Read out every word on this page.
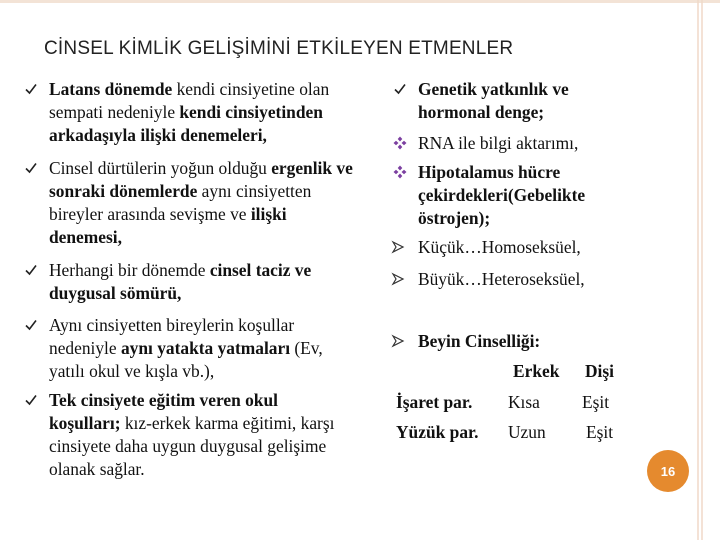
CİNSEL KİMLİK GELİŞİMİNİ ETKİLEYEN ETMENLER
Latans dönemde kendi cinsiyetine olan
sempati nedeniyle kendi cinsiyetinden
arkadaşıyla ilişki denemeleri,
Cinsel dürtülerin yoğun olduğu ergenlik ve
sonraki dönemlerde aynı cinsiyetten
bireyler arasında sevişme ve ilişki
denemesi,
Herhangi bir dönemde cinsel taciz ve
duygusal sömürü,
Aynı cinsiyetten bireylerin koşullar
nedeniyle aynı yatakta yatmaları (Ev,
yatılı okul ve kışla vb.),
Tek cinsiyete eğitim veren okul
koşulları; kız-erkek karma eğitimi, karşı
cinsiyete daha uygun duygusal gelişime
olanak sağlar.
Genetik yatkınlık ve
hormonal denge;
RNA ile bilgi aktarımı,
Hipotalamus hücre
çekirdekleri(Gebelikte
östrojen);
Küçük…Homoseksüel,
Büyük…Heteroseksüel,
Beyin Cinselliği:
Erkek Dişi
İşaret par. Kısa Eşit
Yüzük par. Uzun Eşit
16
